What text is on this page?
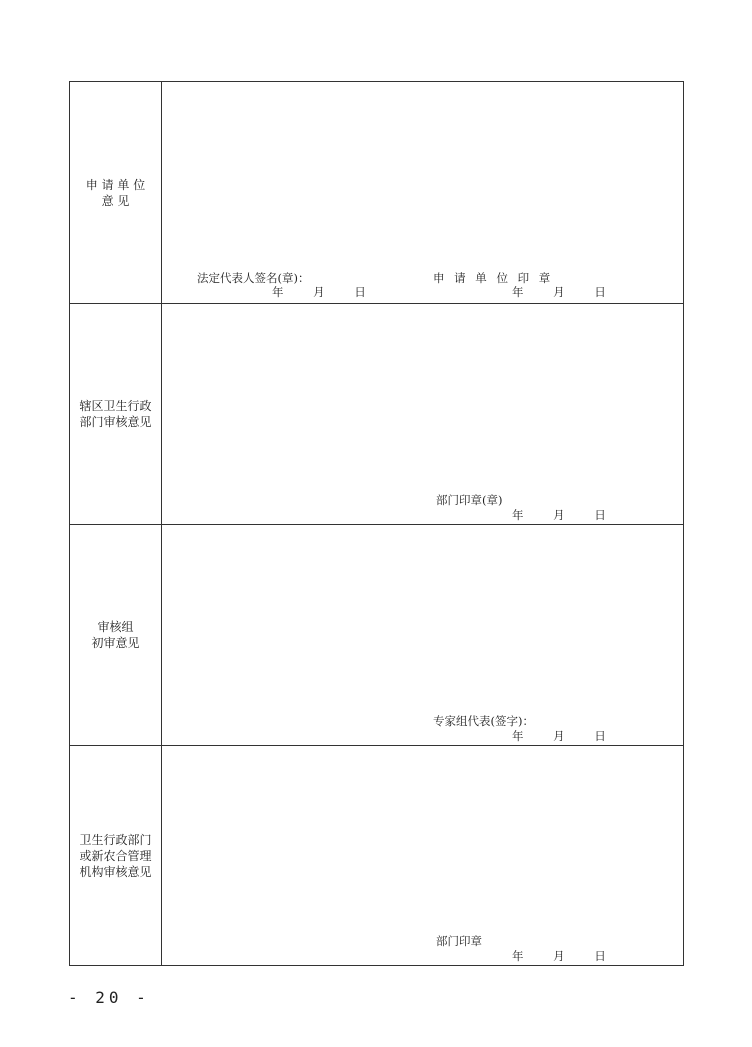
申 请 单 位
意 见
法定代表人签名(章)：	申 请 单 位 印 章
年	月	日	年	月	日
辖区卫生行政
部门审核意见
部门印章(章)
年	月	日
审核组
初审意见
专家组代表(签字)：
年	月	日
卫生行政部门
或新农合管理
机构审核意见
部门印章
年	月	日
- 20 -
